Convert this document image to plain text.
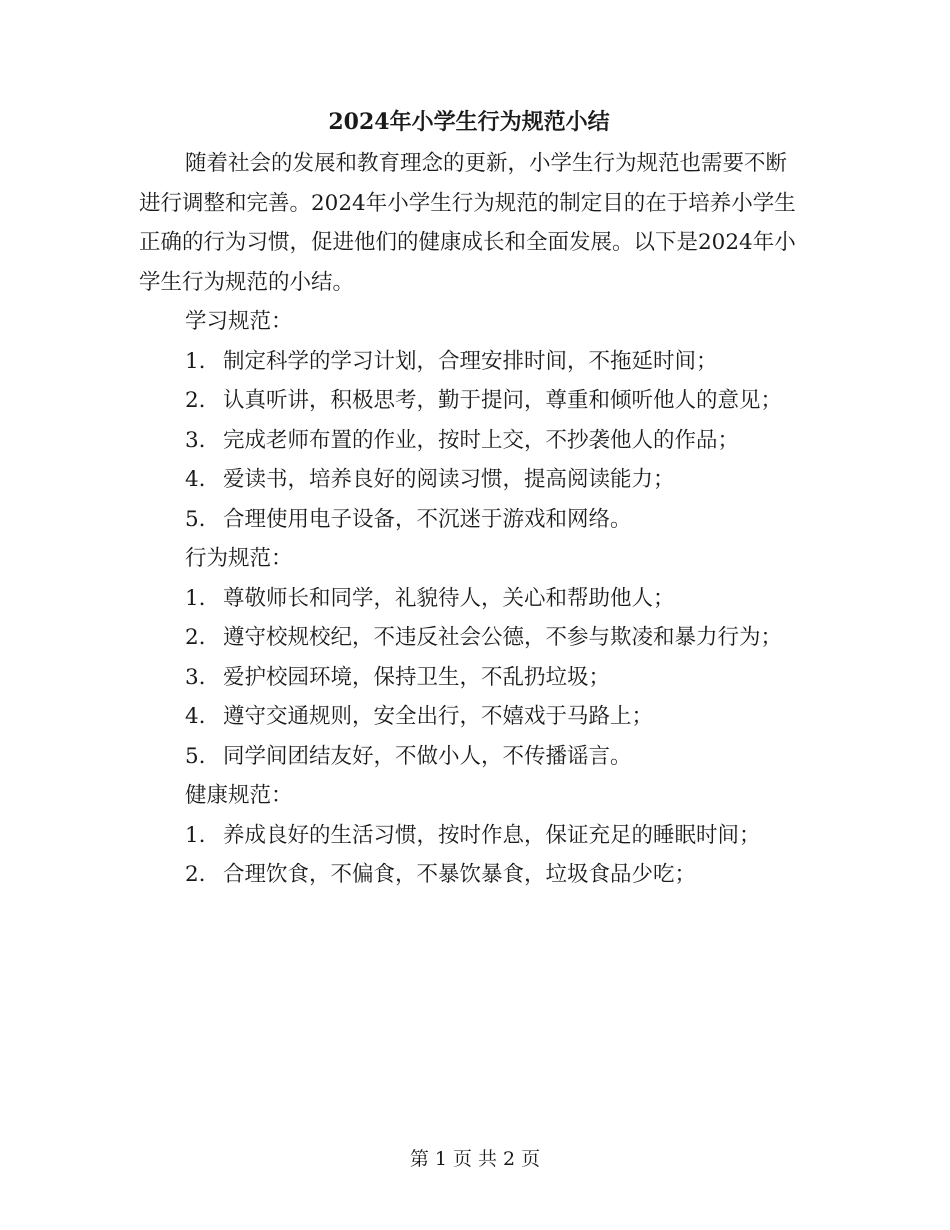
2024年小学生行为规范小结

随着社会的发展和教育理念的更新，小学生行为规范也需要不断进行调整和完善。2024年小学生行为规范的制定目的在于培养小学生正确的行为习惯，促进他们的健康成长和全面发展。以下是2024年小学生行为规范的小结。

学习规范：

1. 制定科学的学习计划，合理安排时间，不拖延时间；

2. 认真听讲，积极思考，勤于提问，尊重和倾听他人的意见；

3. 完成老师布置的作业，按时上交，不抄袭他人的作品；

4. 爱读书，培养良好的阅读习惯，提高阅读能力；

5. 合理使用电子设备，不沉迷于游戏和网络。

行为规范：

1. 尊敬师长和同学，礼貌待人，关心和帮助他人；

2. 遵守校规校纪，不违反社会公德，不参与欺凌和暴力行为；

3. 爱护校园环境，保持卫生，不乱扔垃圾；

4. 遵守交通规则，安全出行，不嬉戏于马路上；

5. 同学间团结友好，不做小人，不传播谣言。

健康规范：

1. 养成良好的生活习惯，按时作息，保证充足的睡眠时间；

2. 合理饮食，不偏食，不暴饮暴食，垃圾食品少吃；

第 1 页 共 2 页
